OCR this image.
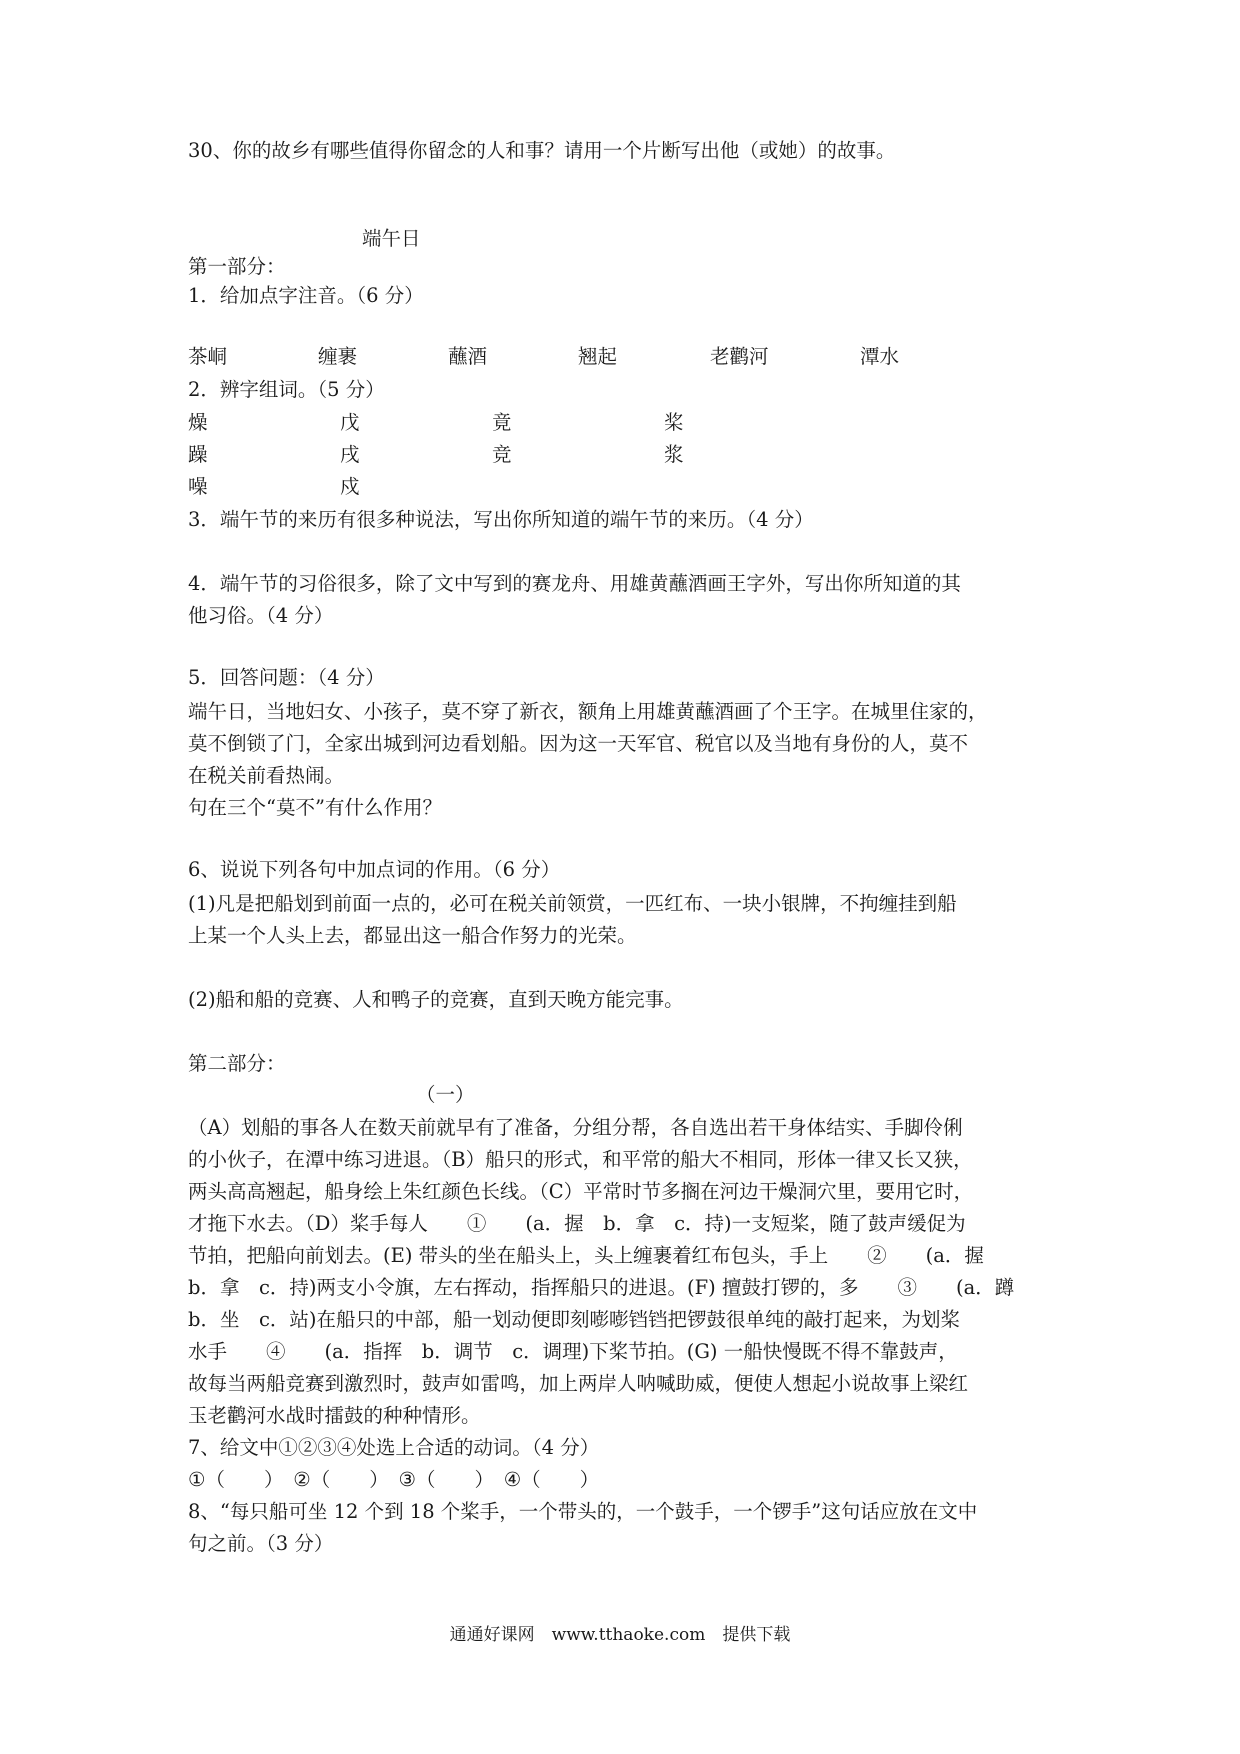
30、你的故乡有哪些值得你留念的人和事？请用一个片断写出他（或她）的故事。
端午日
第一部分：
1．给加点字注音。（6 分）
茶峒	缠裹	蘸酒	翘起	老鹳河	潭水
2．辨字组词。（5 分）
燥	戊	竟	桨
躁	戌	竞	浆
噪	戍
3．端午节的来历有很多种说法，写出你所知道的端午节的来历。（4 分）
4．端午节的习俗很多，除了文中写到的赛龙舟、用雄黄蘸酒画王字外，写出你所知道的其
他习俗。（4 分）
5．回答问题：（4 分）
端午日，当地妇女、小孩子，莫不穿了新衣，额角上用雄黄蘸酒画了个王字。在城里住家的，
莫不倒锁了门，全家出城到河边看划船。因为这一天军官、税官以及当地有身份的人，莫不
在税关前看热闹。
句在三个“莫不”有什么作用？
6、说说下列各句中加点词的作用。（6 分）
(1)凡是把船划到前面一点的，必可在税关前领赏，一匹红布、一块小银牌，不拘缠挂到船
上某一个人头上去，都显出这一船合作努力的光荣。
(2)船和船的竞赛、人和鸭子的竞赛，直到天晚方能完事。
第二部分：
（一）
（A）划船的事各人在数天前就早有了准备，分组分帮，各自选出若干身体结实、手脚伶俐
的小伙子，在潭中练习进退。（B）船只的形式，和平常的船大不相同，形体一律又长又狭，
两头高高翘起，船身绘上朱红颜色长线。（C）平常时节多搁在河边干燥洞穴里，要用它时，
才拖下水去。（D）桨手每人　　①　　(a．握　b．拿　c．持)一支短桨，随了鼓声缓促为
节拍，把船向前划去。(E) 带头的坐在船头上，头上缠裹着红布包头，手上　　②　　(a．握
b．拿　c．持)两支小令旗，左右挥动，指挥船只的进退。(F) 擅鼓打锣的，多　　③　　(a．蹲
b．坐　c．站)在船只的中部，船一划动便即刻嘭嘭铛铛把锣鼓很单纯的敲打起来，为划桨
水手　　④　　(a．指挥　b．调节　c．调理)下桨节拍。(G) 一船快慢既不得不靠鼓声，
故每当两船竞赛到激烈时，鼓声如雷鸣，加上两岸人呐喊助威，便使人想起小说故事上梁红
玉老鹳河水战时擂鼓的种种情形。
7、给文中①②③④处选上合适的动词。（4 分）
①（　　）　②（　　）　③（　　）　④（　　）
8、“每只船可坐 12 个到 18 个桨手，一个带头的，一个鼓手，一个锣手”这句话应放在文中
句之前。（3 分）
通通好课网　www.tthaoke.com　提供下载
